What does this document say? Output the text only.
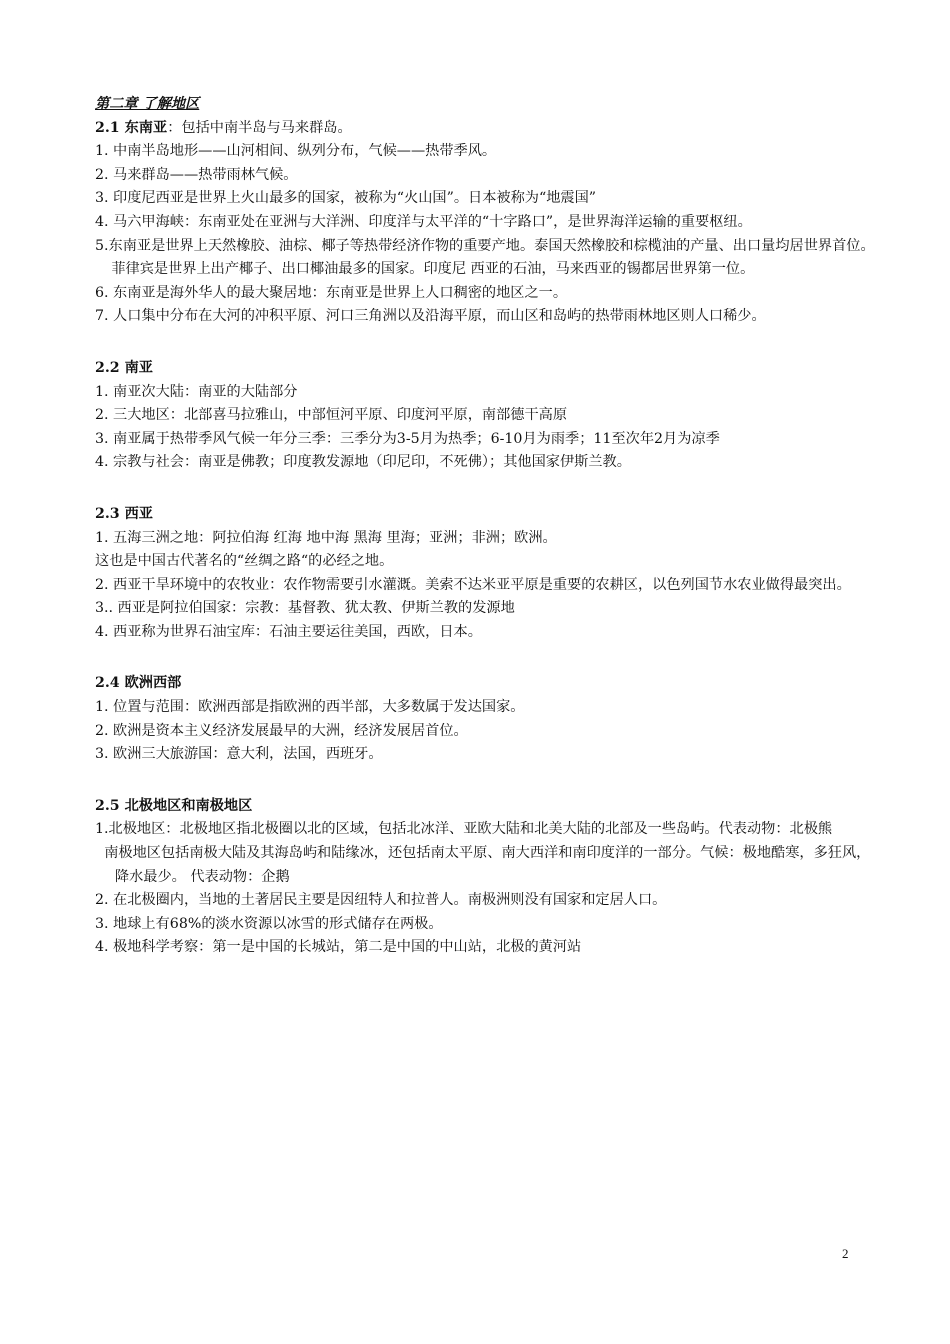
第二章 了解地区

2.1 东南亚：包括中南半岛与马来群岛。

1. 中南半岛地形——山河相间、纵列分布，气候——热带季风。

2. 马来群岛——热带雨林气候。

3. 印度尼西亚是世界上火山最多的国家，被称为“火山国”。日本被称为“地震国”

4. 马六甲海峡：东南亚处在亚洲与大洋洲、印度洋与太平洋的“十字路口”，是世界海洋运输的重要枢纽。

5.东南亚是世界上天然橡胶、油棕、椰子等热带经济作物的重要产地。泰国天然橡胶和棕榄油的产量、出口量均居世界首位。菲律宾是世界上出产椰子、出口椰油最多的国家。印度尼 西亚的石油，马来西亚的锡都居世界第一位。

6. 东南亚是海外华人的最大聚居地：东南亚是世界上人口稠密的地区之一。

7. 人口集中分布在大河的冲积平原、河口三角洲以及沿海平原，而山区和岛屿的热带雨林地区则人口稀少。

2.2 南亚

1. 南亚次大陆：南亚的大陆部分

2. 三大地区：北部喜马拉雅山，中部恒河平原、印度河平原，南部德干高原

3. 南亚属于热带季风气候一年分三季：三季分为3-5月为热季；6-10月为雨季；11至次年2月为凉季

4. 宗教与社会：南亚是佛教；印度教发源地（印尼印，不死佛）；其他国家伊斯兰教。

2.3 西亚

1. 五海三洲之地：阿拉伯海 红海 地中海 黑海 里海；亚洲；非洲；欧洲。

这也是中国古代著名的“丝绸之路“的必经之地。

2. 西亚干旱环境中的农牧业：农作物需要引水灌溉。美索不达米亚平原是重要的农耕区，以色列国节水农业做得最突出。

3.. 西亚是阿拉伯国家：宗教：基督教、犹太教、伊斯兰教的发源地

4. 西亚称为世界石油宝库：石油主要运往美国，西欧，日本。

2.4 欧洲西部

1. 位置与范围：欧洲西部是指欧洲的西半部，大多数属于发达国家。

2. 欧洲是资本主义经济发展最早的大洲，经济发展居首位。

3. 欧洲三大旅游国：意大利，法国，西班牙。

2.5 北极地区和南极地区

1.北极地区：北极地区指北极圈以北的区域，包括北冰洋、亚欧大陆和北美大陆的北部及一些岛屿。代表动物：北极熊

南极地区包括南极大陆及其海岛屿和陆缘冰，还包括南太平原、南大西洋和南印度洋的一部分。气候：极地酷寒，多狂风，降水最少。 代表动物：企鹅

2. 在北极圈内，当地的土著居民主要是因纽特人和拉普人。南极洲则没有国家和定居人口。

3. 地球上有68%的淡水资源以冰雪的形式储存在两极。

4. 极地科学考察：第一是中国的长城站，第二是中国的中山站，北极的黄河站

2
